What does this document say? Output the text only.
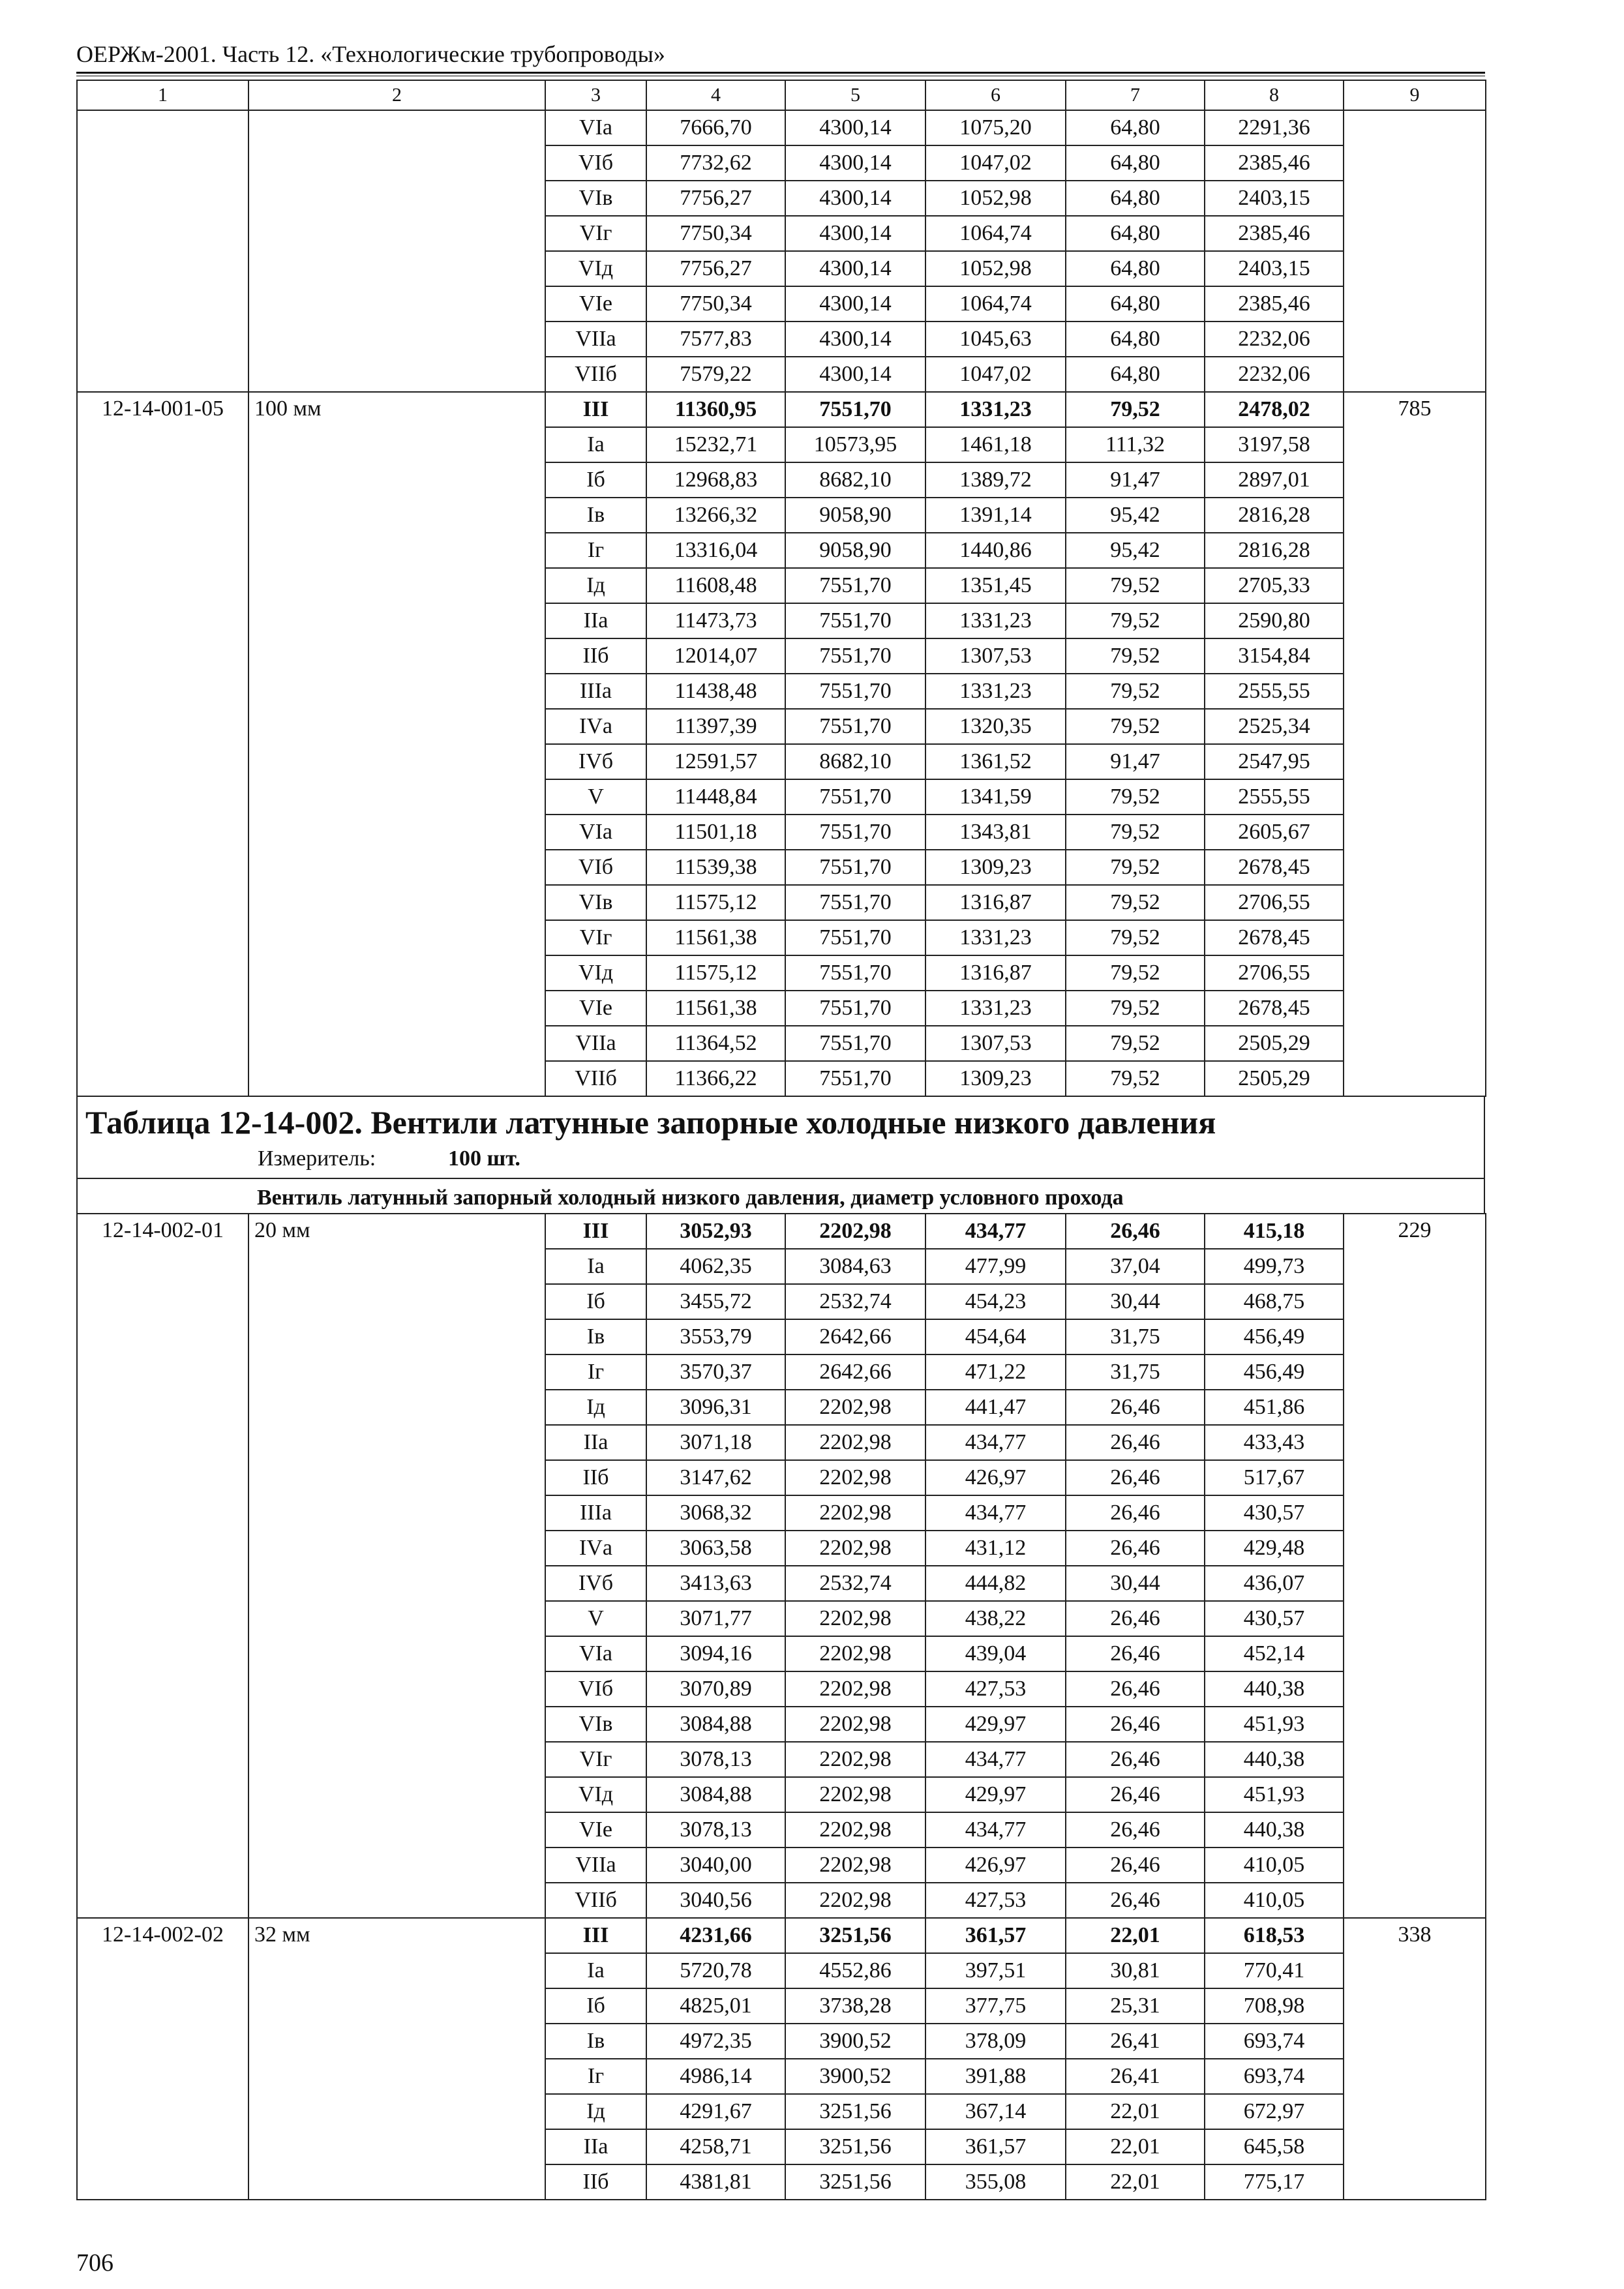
ОЕРЖм-2001. Часть 12. «Технологические трубопроводы»
1	2	3	4	5	6	7	8	9
		VIа	7666,70	4300,14	1075,20	64,80	2291,36	
		VIб	7732,62	4300,14	1047,02	64,80	2385,46	
		VIв	7756,27	4300,14	1052,98	64,80	2403,15	
		VIг	7750,34	4300,14	1064,74	64,80	2385,46	
		VIд	7756,27	4300,14	1052,98	64,80	2403,15	
		VIе	7750,34	4300,14	1064,74	64,80	2385,46	
		VIIа	7577,83	4300,14	1045,63	64,80	2232,06	
		VIIб	7579,22	4300,14	1047,02	64,80	2232,06	
12-14-001-05	100 мм	III	11360,95	7551,70	1331,23	79,52	2478,02	785
		Iа	15232,71	10573,95	1461,18	111,32	3197,58	
		Iб	12968,83	8682,10	1389,72	91,47	2897,01	
		Iв	13266,32	9058,90	1391,14	95,42	2816,28	
		Iг	13316,04	9058,90	1440,86	95,42	2816,28	
		Iд	11608,48	7551,70	1351,45	79,52	2705,33	
		IIа	11473,73	7551,70	1331,23	79,52	2590,80	
		IIб	12014,07	7551,70	1307,53	79,52	3154,84	
		IIIа	11438,48	7551,70	1331,23	79,52	2555,55	
		IVа	11397,39	7551,70	1320,35	79,52	2525,34	
		IVб	12591,57	8682,10	1361,52	91,47	2547,95	
		V	11448,84	7551,70	1341,59	79,52	2555,55	
		VIа	11501,18	7551,70	1343,81	79,52	2605,67	
		VIб	11539,38	7551,70	1309,23	79,52	2678,45	
		VIв	11575,12	7551,70	1316,87	79,52	2706,55	
		VIг	11561,38	7551,70	1331,23	79,52	2678,45	
		VIд	11575,12	7551,70	1316,87	79,52	2706,55	
		VIе	11561,38	7551,70	1331,23	79,52	2678,45	
		VIIа	11364,52	7551,70	1307,53	79,52	2505,29	
		VIIб	11366,22	7551,70	1309,23	79,52	2505,29	
Таблица 12-14-002. Вентили латунные запорные холодные низкого давления
Измеритель:	100 шт.
Вентиль латунный запорный холодный низкого давления, диаметр условного прохода
12-14-002-01	20 мм	III	3052,93	2202,98	434,77	26,46	415,18	229
		Iа	4062,35	3084,63	477,99	37,04	499,73	
		Iб	3455,72	2532,74	454,23	30,44	468,75	
		Iв	3553,79	2642,66	454,64	31,75	456,49	
		Iг	3570,37	2642,66	471,22	31,75	456,49	
		Iд	3096,31	2202,98	441,47	26,46	451,86	
		IIа	3071,18	2202,98	434,77	26,46	433,43	
		IIб	3147,62	2202,98	426,97	26,46	517,67	
		IIIа	3068,32	2202,98	434,77	26,46	430,57	
		IVа	3063,58	2202,98	431,12	26,46	429,48	
		IVб	3413,63	2532,74	444,82	30,44	436,07	
		V	3071,77	2202,98	438,22	26,46	430,57	
		VIа	3094,16	2202,98	439,04	26,46	452,14	
		VIб	3070,89	2202,98	427,53	26,46	440,38	
		VIв	3084,88	2202,98	429,97	26,46	451,93	
		VIг	3078,13	2202,98	434,77	26,46	440,38	
		VIд	3084,88	2202,98	429,97	26,46	451,93	
		VIе	3078,13	2202,98	434,77	26,46	440,38	
		VIIа	3040,00	2202,98	426,97	26,46	410,05	
		VIIб	3040,56	2202,98	427,53	26,46	410,05	
12-14-002-02	32 мм	III	4231,66	3251,56	361,57	22,01	618,53	338
		Iа	5720,78	4552,86	397,51	30,81	770,41	
		Iб	4825,01	3738,28	377,75	25,31	708,98	
		Iв	4972,35	3900,52	378,09	26,41	693,74	
		Iг	4986,14	3900,52	391,88	26,41	693,74	
		Iд	4291,67	3251,56	367,14	22,01	672,97	
		IIа	4258,71	3251,56	361,57	22,01	645,58	
		IIб	4381,81	3251,56	355,08	22,01	775,17	
706
